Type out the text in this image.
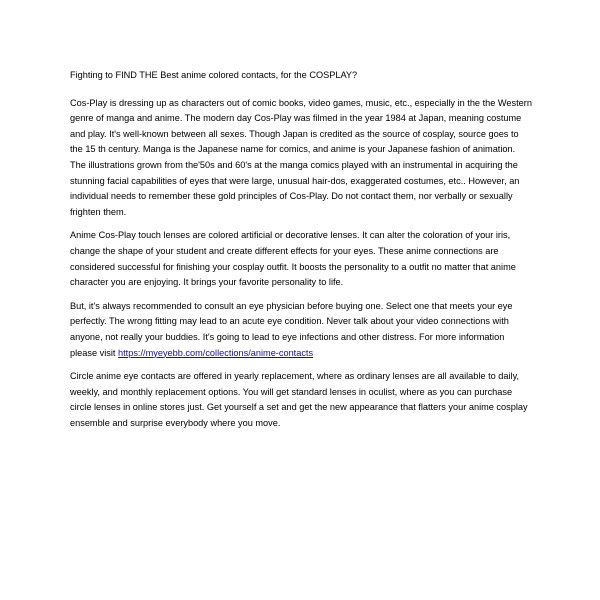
Fighting to FIND THE Best anime colored contacts, for the COSPLAY?

Cos-Play is dressing up as characters out of comic books, video games, music, etc., especially in the the Western genre of manga and anime. The modern day Cos-Play was filmed in the year 1984 at Japan, meaning costume and play. It's well-known between all sexes. Though Japan is credited as the source of cosplay, source goes to the 15 th century. Manga is the Japanese name for comics, and anime is your Japanese fashion of animation. The illustrations grown from the'50s and 60's at the manga comics played with an instrumental in acquiring the stunning facial capabilities of eyes that were large, unusual hair-dos, exaggerated costumes, etc.. However, an individual needs to remember these gold principles of Cos-Play. Do not contact them, nor verbally or sexually frighten them.

Anime Cos-Play touch lenses are colored artificial or decorative lenses. It can alter the coloration of your iris, change the shape of your student and create different effects for your eyes. These anime connections are considered successful for finishing your cosplay outfit. It boosts the personality to a outfit no matter that anime character you are enjoying. It brings your favorite personality to life.

But, it's always recommended to consult an eye physician before buying one. Select one that meets your eye perfectly. The wrong fitting may lead to an acute eye condition. Never talk about your video connections with anyone, not really your buddies. It's going to lead to eye infections and other distress. For more information please visit https://myeyebb.com/collections/anime-contacts

Circle anime eye contacts are offered in yearly replacement, where as ordinary lenses are all available to daily, weekly, and monthly replacement options. You will get standard lenses in oculist, where as you can purchase circle lenses in online stores just. Get yourself a set and get the new appearance that flatters your anime cosplay ensemble and surprise everybody where you move.
